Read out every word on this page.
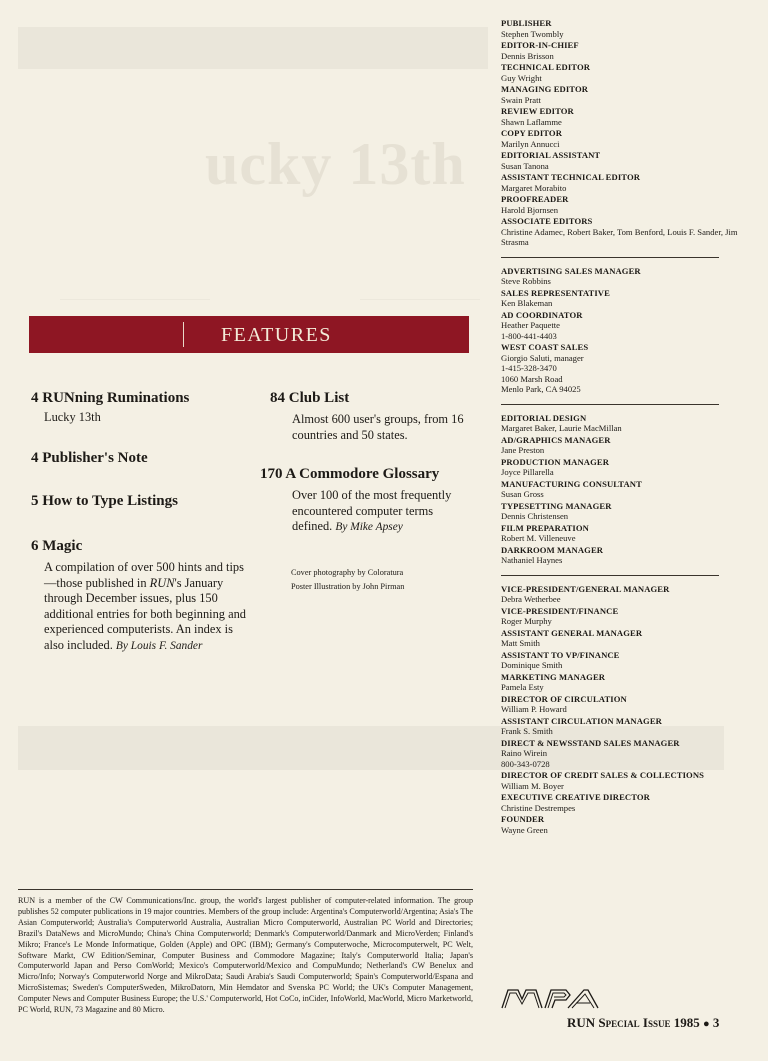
ucky 13th
PUBLISHER
Stephen Twombly
EDITOR-IN-CHIEF
Dennis Brisson
TECHNICAL EDITOR
Guy Wright
MANAGING EDITOR
Swain Pratt
REVIEW EDITOR
Shawn Laflamme
COPY EDITOR
Marilyn Annucci
EDITORIAL ASSISTANT
Susan Tanona
ASSISTANT TECHNICAL EDITOR
Margaret Morabito
PROOFREADER
Harold Bjornsen
ASSOCIATE EDITORS
Christine Adamec, Robert Baker, Tom Benford, Louis F. Sander, Jim Strasma
ADVERTISING SALES MANAGER
Steve Robbins
SALES REPRESENTATIVE
Ken Blakeman
AD COORDINATOR
Heather Paquette
1-800-441-4403
WEST COAST SALES
Giorgio Saluti, manager
1-415-328-3470
1060 Marsh Road
Menlo Park, CA 94025
EDITORIAL DESIGN
Margaret Baker, Laurie MacMillan
AD/GRAPHICS MANAGER
Jane Preston
PRODUCTION MANAGER
Joyce Pillarella
MANUFACTURING CONSULTANT
Susan Gross
TYPESETTING MANAGER
Dennis Christensen
FILM PREPARATION
Robert M. Villeneuve
DARKROOM MANAGER
Nathaniel Haynes
VICE-PRESIDENT/GENERAL MANAGER
Debra Wetherbee
VICE-PRESIDENT/FINANCE
Roger Murphy
ASSISTANT GENERAL MANAGER
Matt Smith
ASSISTANT TO VP/FINANCE
Dominique Smith
MARKETING MANAGER
Pamela Esty
DIRECTOR OF CIRCULATION
William P. Howard
ASSISTANT CIRCULATION MANAGER
Frank S. Smith
DIRECT & NEWSSTAND SALES MANAGER
Raino Wirein
800-343-0728
DIRECTOR OF CREDIT SALES & COLLECTIONS
William M. Boyer
EXECUTIVE CREATIVE DIRECTOR
Christine Destrempes
FOUNDER
Wayne Green
FEATURES
4 RUNning Ruminations
Lucky 13th
4 Publisher's Note
5 How to Type Listings
6 Magic
A compilation of over 500 hints and tips—those published in RUN's January through December issues, plus 150 additional entries for both beginning and experienced computerists. An index is also included. By Louis F. Sander
84 Club List
Almost 600 user's groups, from 16 countries and 50 states.
170 A Commodore Glossary
Over 100 of the most frequently encountered computer terms defined. By Mike Apsey
Cover photography by Coloratura
Poster Illustration by John Pirman
RUN is a member of the CW Communications/Inc. group, the world's largest publisher of computer-related information. The group publishes 52 computer publications in 19 major countries. Members of the group include: Argentina's Computerworld/Argentina; Asia's The Asian Computerworld; Australia's Computerworld Australia, Australian Micro Computerworld, Australian PC World and Directories; Brazil's DataNews and MicroMundo; China's China Computerworld; Denmark's Computerworld/Danmark and MicroVerden; Finland's Mikro; France's Le Monde Informatique, Golden (Apple) and OPC (IBM); Germany's Computerwoche, Microcomputerwelt, PC Welt, Software Markt, CW Edition/Seminar, Computer Business and Commodore Magazine; Italy's Computerworld Italia; Japan's Computerworld Japan and Perso ComWorld; Mexico's Computerworld/Mexico and CompuMundo; Netherland's CW Benelux and Micro/Info; Norway's Computerworld Norge and MikroData; Saudi Arabia's Saudi Computerworld; Spain's Computerworld/Espana and MicroSistemas; Sweden's ComputerSweden, MikroDatorn, Min Hemdator and Svenska PC World; the UK's Computer Management, Computer News and Computer Business Europe; the U.S.' Computerworld, Hot CoCo, inCider, InfoWorld, MacWorld, Micro Marketworld, PC World, RUN, 73 Magazine and 80 Micro.	MPA
RUN Special Issue 1985 ● 3
